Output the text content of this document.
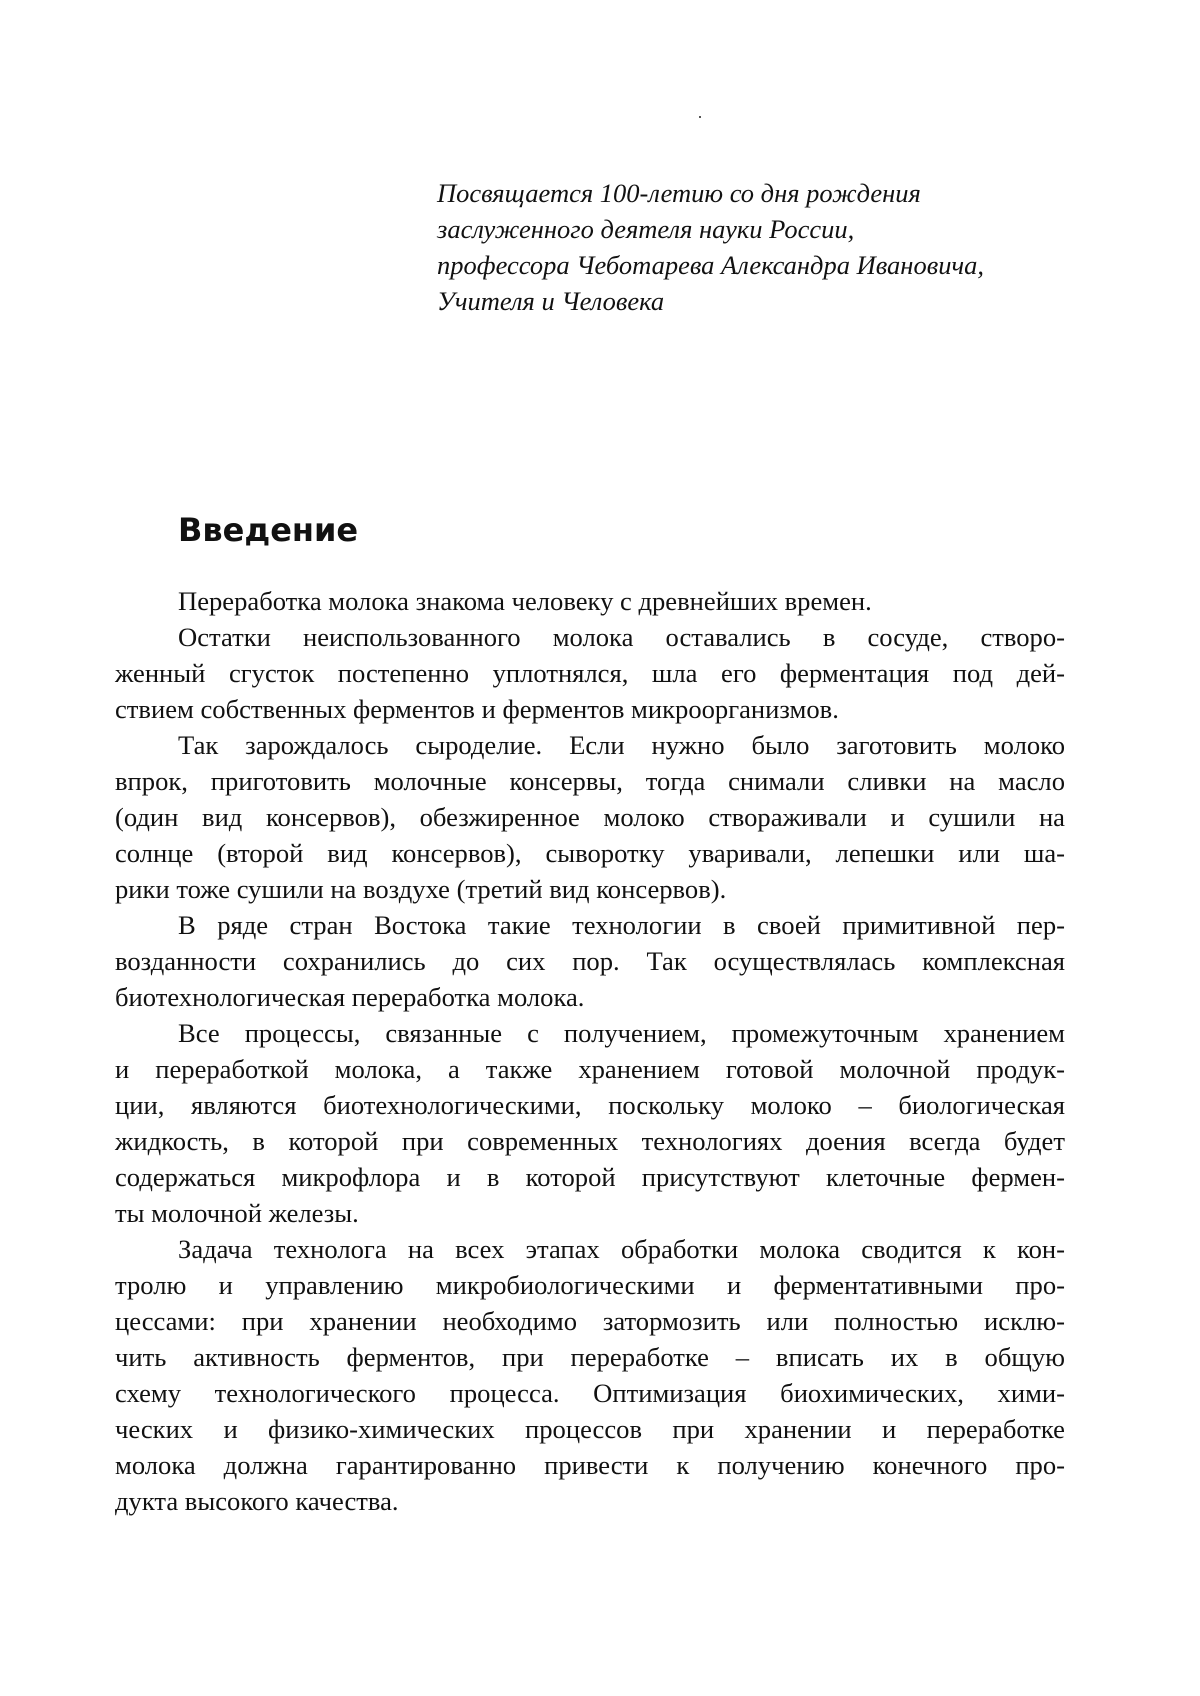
Посвящается 100-летию со дня рождения
заслуженного деятеля науки России,
профессора Чеботарева Александра Ивановича,
Учителя и Человека
Введение

Переработка молока знакома человеку с древнейших времен.

Остатки неиспользованного молока оставались в сосуде, створо-
женный сгусток постепенно уплотнялся, шла его ферментация под дей-
ствием собственных ферментов и ферментов микроорганизмов.

Так зарождалось сыроделие. Если нужно было заготовить молоко
впрок, приготовить молочные консервы, тогда снимали сливки на масло
(один вид консервов), обезжиренное молоко створаживали и сушили на
солнце (второй вид консервов), сыворотку уваривали, лепешки или ша-
рики тоже сушили на воздухе (третий вид консервов).

В ряде стран Востока такие технологии в своей примитивной пер-
возданности сохранились до сих пор. Так осуществлялась комплексная
биотехнологическая переработка молока.

Все процессы, связанные с получением, промежуточным хранением
и переработкой молока, а также хранением готовой молочной продук-
ции, являются биотехнологическими, поскольку молоко – биологическая
жидкость, в которой при современных технологиях доения всегда будет
содержаться микрофлора и в которой присутствуют клеточные фермен-
ты молочной железы.

Задача технолога на всех этапах обработки молока сводится к кон-
тролю и управлению микробиологическими и ферментативными про-
цессами: при хранении необходимо затормозить или полностью исклю-
чить активность ферментов, при переработке – вписать их в общую
схему технологического процесса. Оптимизация биохимических, хими-
ческих и физико-химических процессов при хранении и переработке
молока должна гарантированно привести к получению конечного про-
дукта высокого качества.
